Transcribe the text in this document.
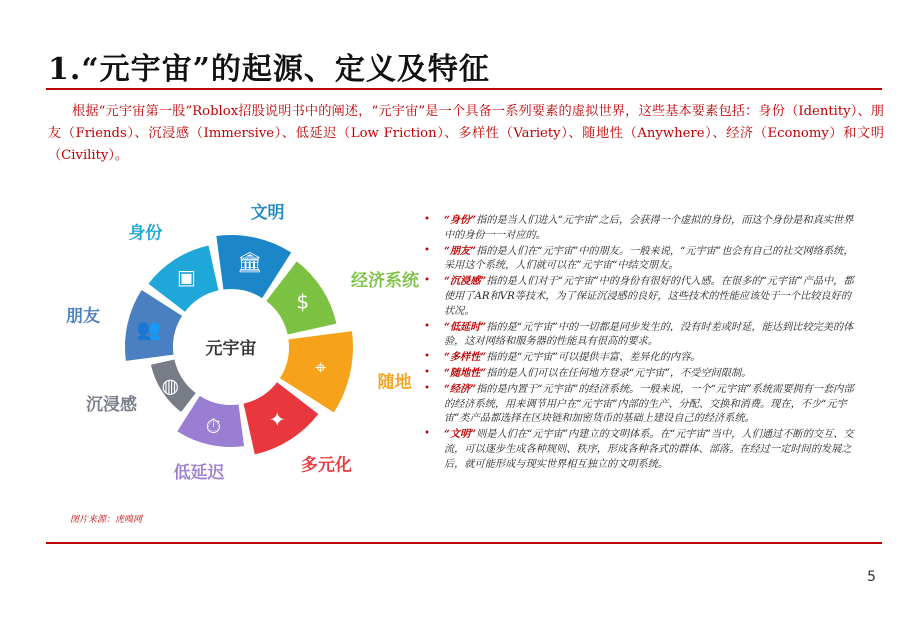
1.“元宇宙”的起源、定义及特征
根据“元宇宙第一股”Roblox招股说明书中的阐述，“元宇宙”是一个具备一系列要素的虚拟世界，这些基本要素包括：身份（Identity）、朋友（Friends）、沉浸感（Immersive）、低延迟（Low Friction）、多样性（Variety）、随地性（Anywhere）、经济（Economy）和文明（Civility）。
元宇宙
▣
🏛
$
⌖
✦
⏱
◍
👥
身份
文明
经济系统
随地
多元化
低延迟
沉浸感
朋友
• “身份”指的是当人们进入“元宇宙”之后，会获得一个虚拟的身份，而这个身份是和真实世界中的身份一一对应的。
• “朋友”指的是人们在“元宇宙”中的朋友。一般来说，“元宇宙”也会有自己的社交网络系统，采用这个系统，人们就可以在”元宇宙“中结交朋友。
• “沉浸感”指的是人们对于“元宇宙”中的身份有很好的代入感。在很多的“元宇宙”产品中，都使用了AR和VR等技术，为了保证沉浸感的良好，这些技术的性能应该处于一个比较良好的状况。
• “低延时”指的是“元宇宙”中的一切都是同步发生的，没有时差或时延，能达到比较完美的体验，这对网络和服务器的性能具有很高的要求。
• “多样性”指的是“元宇宙”可以提供丰富、差异化的内容。
• “随地性”指的是人们可以在任何地方登录“元宇宙”，不受空间限制。
• “经济”指的是内置于“元宇宙”的经济系统。一般来说，一个“元宇宙”系统需要拥有一套内部的经济系统，用来调节用户在“元宇宙”内部的生产、分配、交换和消费。现在，不少“元宇宙”类产品都选择在区块链和加密货币的基础上建设自己的经济系统。
• “文明”则是人们在“元宇宙”内建立的文明体系。在“元宇宙”当中，人们通过不断的交互、交流，可以逐步生成各种规则、秩序，形成各种各式的群体、部落。在经过一定时间的发展之后，就可能形成与现实世界相互独立的文明系统。
图片来源：虎嗅网
5
